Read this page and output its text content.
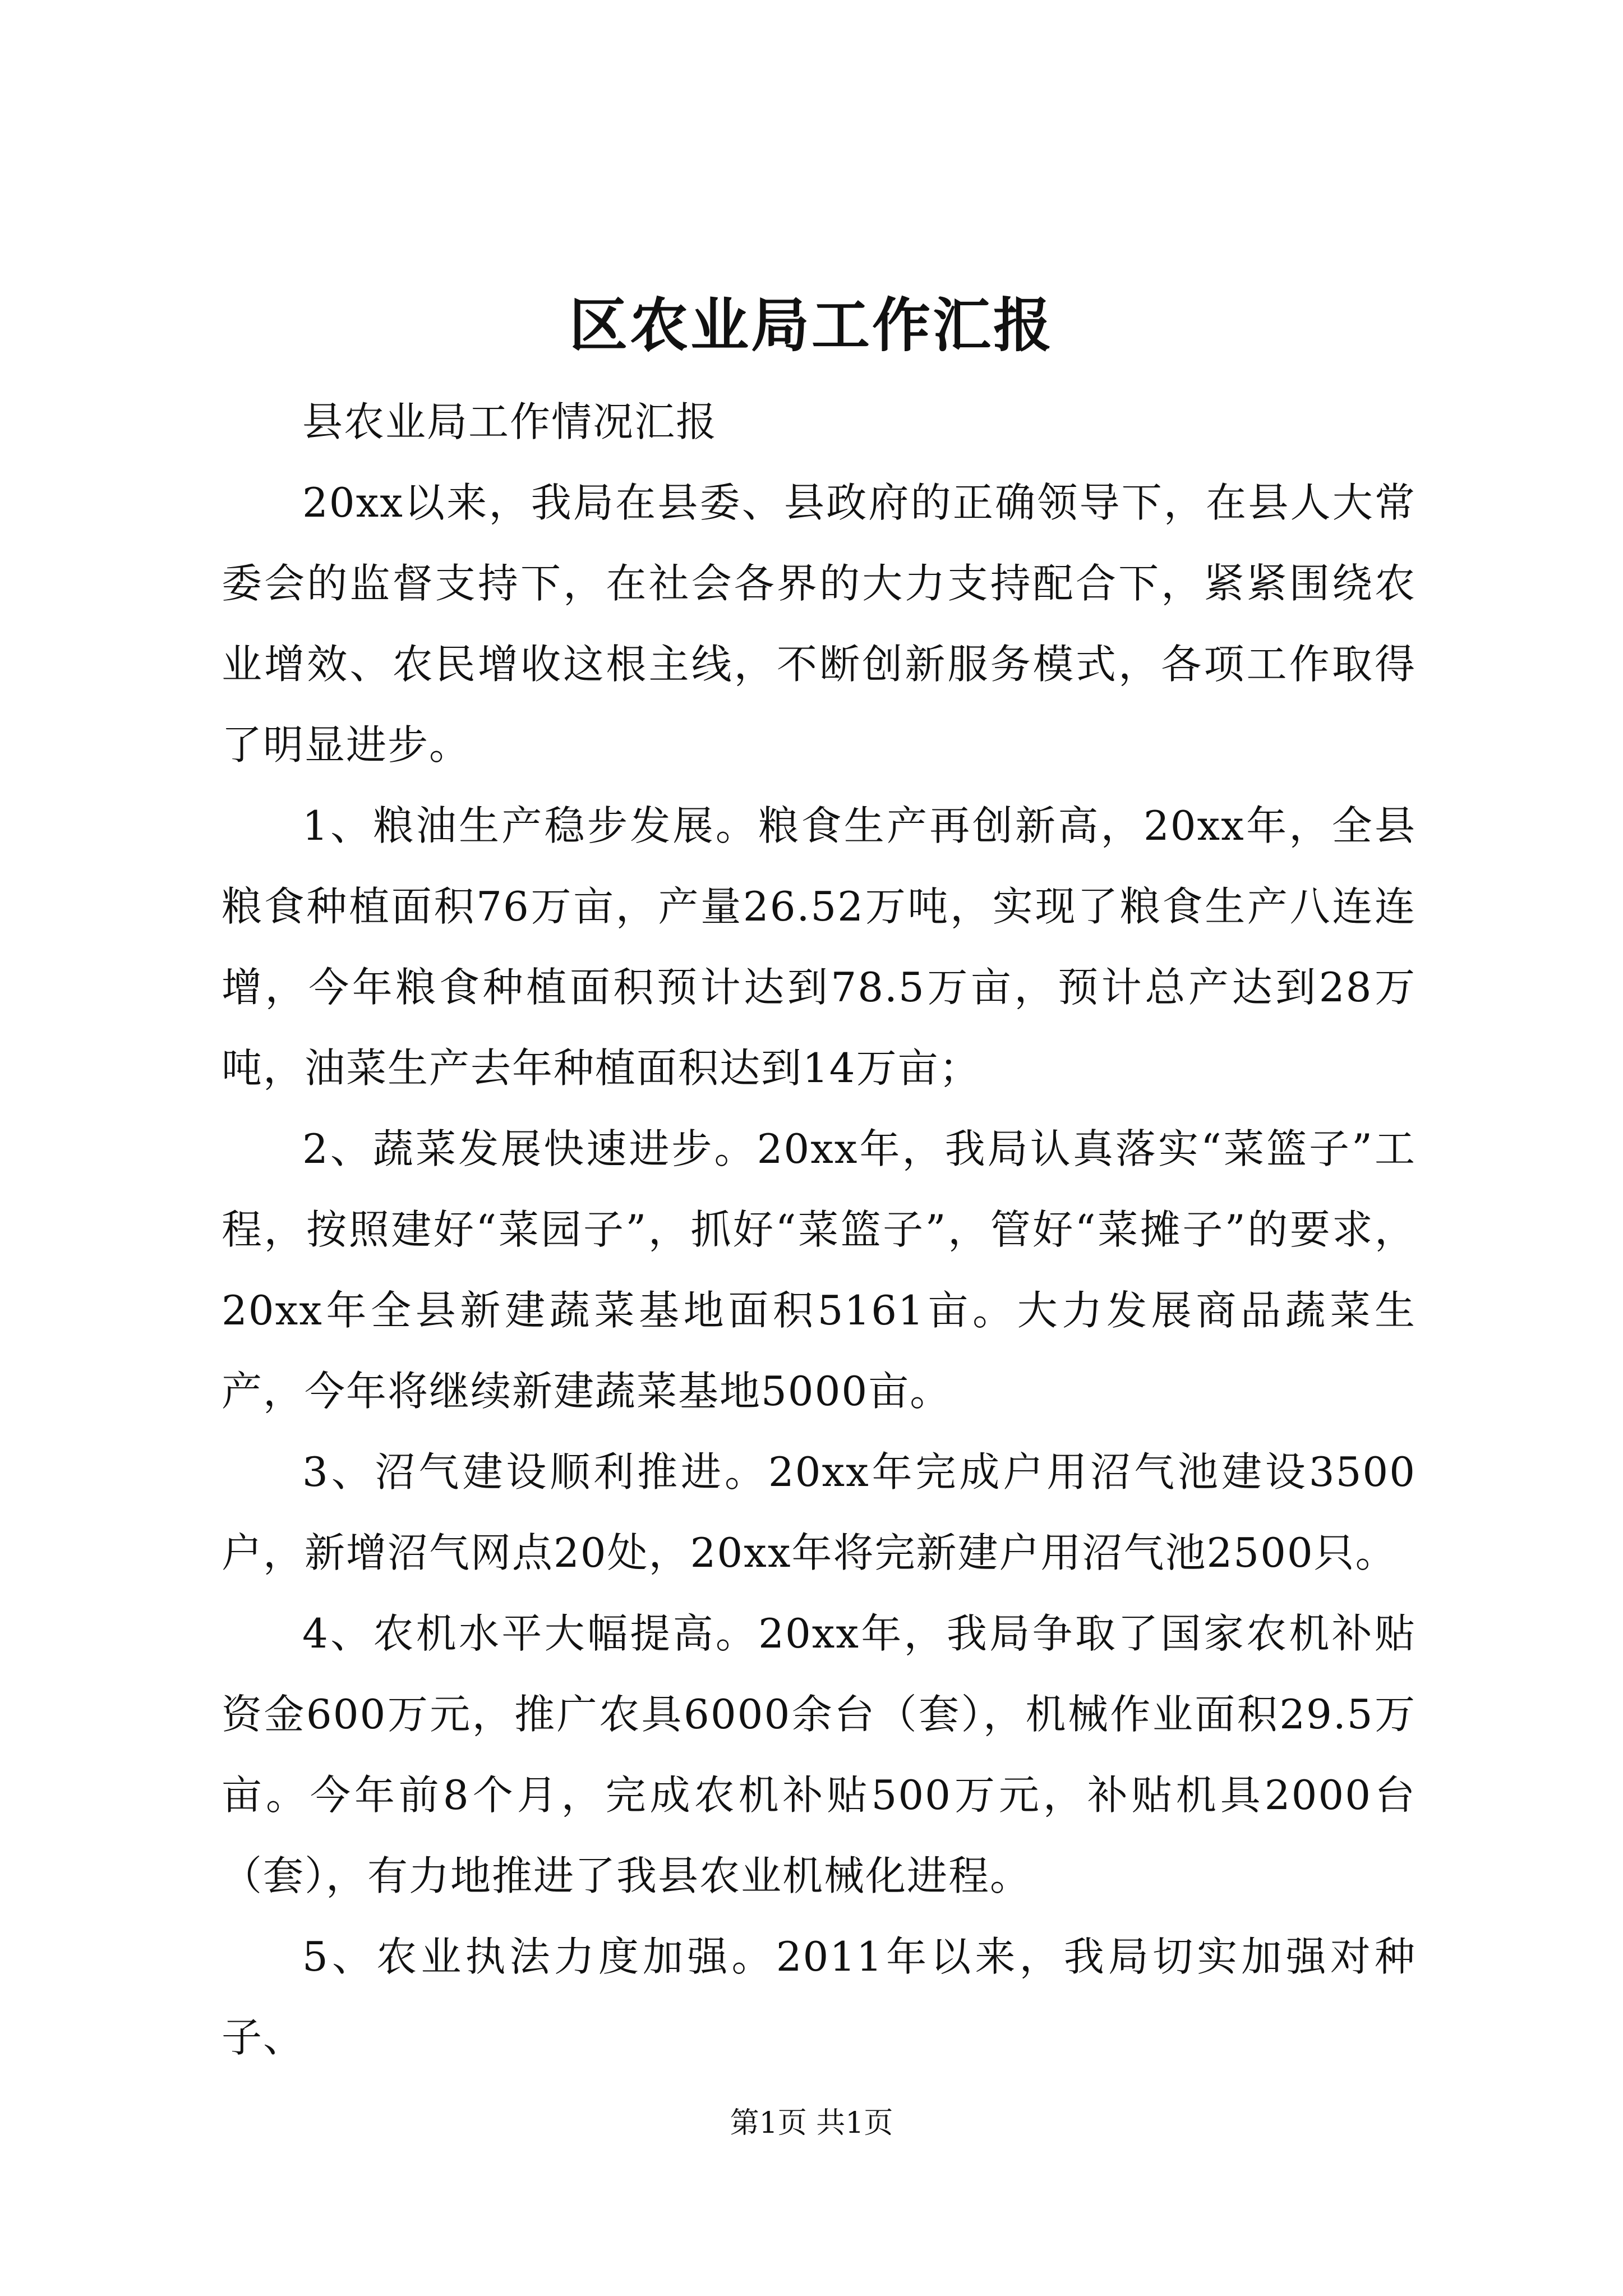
区农业局工作汇报

县农业局工作情况汇报

20xx以来，我局在县委、县政府的正确领导下，在县人大常委会的监督支持下，在社会各界的大力支持配合下，紧紧围绕农业增效、农民增收这根主线，不断创新服务模式，各项工作取得了明显进步。

1、粮油生产稳步发展。粮食生产再创新高，20xx年，全县粮食种植面积76万亩，产量26.52万吨，实现了粮食生产八连连增，今年粮食种植面积预计达到78.5万亩，预计总产达到28万吨，油菜生产去年种植面积达到14万亩；

2、蔬菜发展快速进步。20xx年，我局认真落实“菜篮子”工程，按照建好“菜园子”，抓好“菜篮子”，管好“菜摊子”的要求，20xx年全县新建蔬菜基地面积5161亩。大力发展商品蔬菜生产，今年将继续新建蔬菜基地5000亩。

3、沼气建设顺利推进。20xx年完成户用沼气池建设3500户，新增沼气网点20处，20xx年将完新建户用沼气池2500只。

4、农机水平大幅提高。20xx年，我局争取了国家农机补贴资金600万元，推广农具6000余台（套），机械作业面积29.5万亩。今年前8个月，完成农机补贴500万元，补贴机具2000台（套），有力地推进了我县农业机械化进程。

5、农业执法力度加强。2011年以来，我局切实加强对种子、

第1页 共1页
